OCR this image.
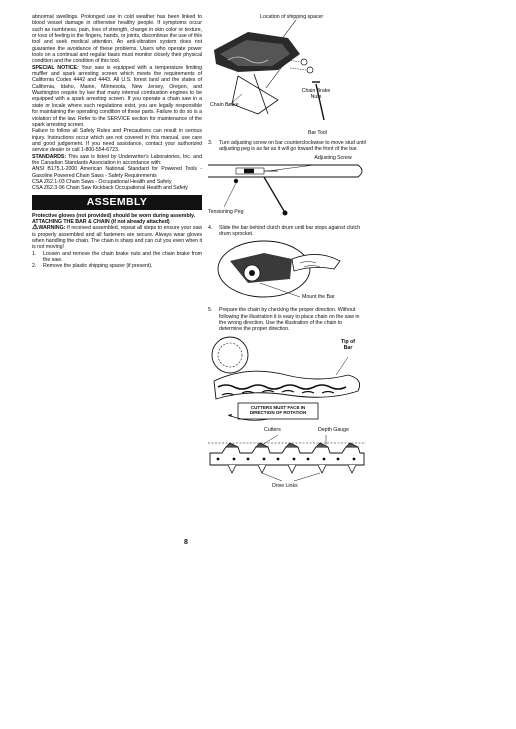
abnormal swellings. Prolonged use in cold weather has been linked to blood vessel damage in otherwise healthy people. If symptoms occur such as numbness, pain, loss of strength, change in skin color or texture, or loss of feeling in the fingers, hands, or joints, discontinue the use of this tool and seek medical attention. An anti-vibration system does not guarantee the avoidance of these problems. Users who operate power tools on a continual and regular basis must monitor closely their physical condition and the condition of this tool.

SPECIAL NOTICE: Your saw is equipped with a temperature limiting muffler and spark arresting screen which meets the requirements of California Codes 4442 and 4443. All U.S. forest land and the states of California, Idaho, Maine, Minnesota, New Jersey, Oregon, and Washington require by law that many internal combustion engines to be equipped with a spark arresting screen. If you operate a chain saw in a state or locale where such regulations exist, you are legally responsible for maintaining the operating condition of these parts. Failure to do so is a violation of the law. Refer to the SERVICE section for maintenance of the spark arresting screen.

Failure to follow all Safety Rules and Precautions can result in serious injury. Instructions occur which are not covered in this manual, use care and good judgement. If you need assistance, contact your authorized service dealer or call 1-800-554-6723.

STANDARDS: This saw is listed by Underwriter's Laboratories, Inc. and the Canadian Standards Association in accordance with:

ANSI B175.1-2000 American National Standard for Powered Tools - Gasoline Powered Chain Saws - Safety Requirements

CSA Z62.1-03 Chain Saws - Occupational Health and Safety

CSA Z62.3-96 Chain Saw Kickback Occupational Health and Safety

ASSEMBLY

Protective gloves (not provided) should be worn during assembly.

ATTACHING THE BAR & CHAIN (if not already attached)

⚠WARNING: If received assembled, repeat all steps to ensure your saw is properly assembled and all fasteners are secure. Always wear gloves when handling the chain. The chain is sharp and can cut you even when it is not moving!

1.	Loosen and remove the chain brake nuts and the chain brake from the saw.
2.	Remove the plastic shipping spacer (if present).
Location of shipping spacer
Chain Brake
Chain Brake Nuts
Bar Tool
3.	Turn adjusting screw on bar counterclockwise to move stud until adjusting peg is as far as it will go toward the front of the bar.
Adjusting Screw
Tensioning Peg
4.	Slide the bar behind clutch drum until bar stops against clutch drum sprocket.
Mount the Bar
5.	Prepare the chain by checking the proper direction. Without following the illustration it is easy to place chain on the saw in the wrong direction. Use the illustration of the chain to determine the proper direction.
Tip of Bar
CUTTERS MUST FACE IN DIRECTION OF ROTATION
Cutters	Depth Gauge
Drive Links
8
